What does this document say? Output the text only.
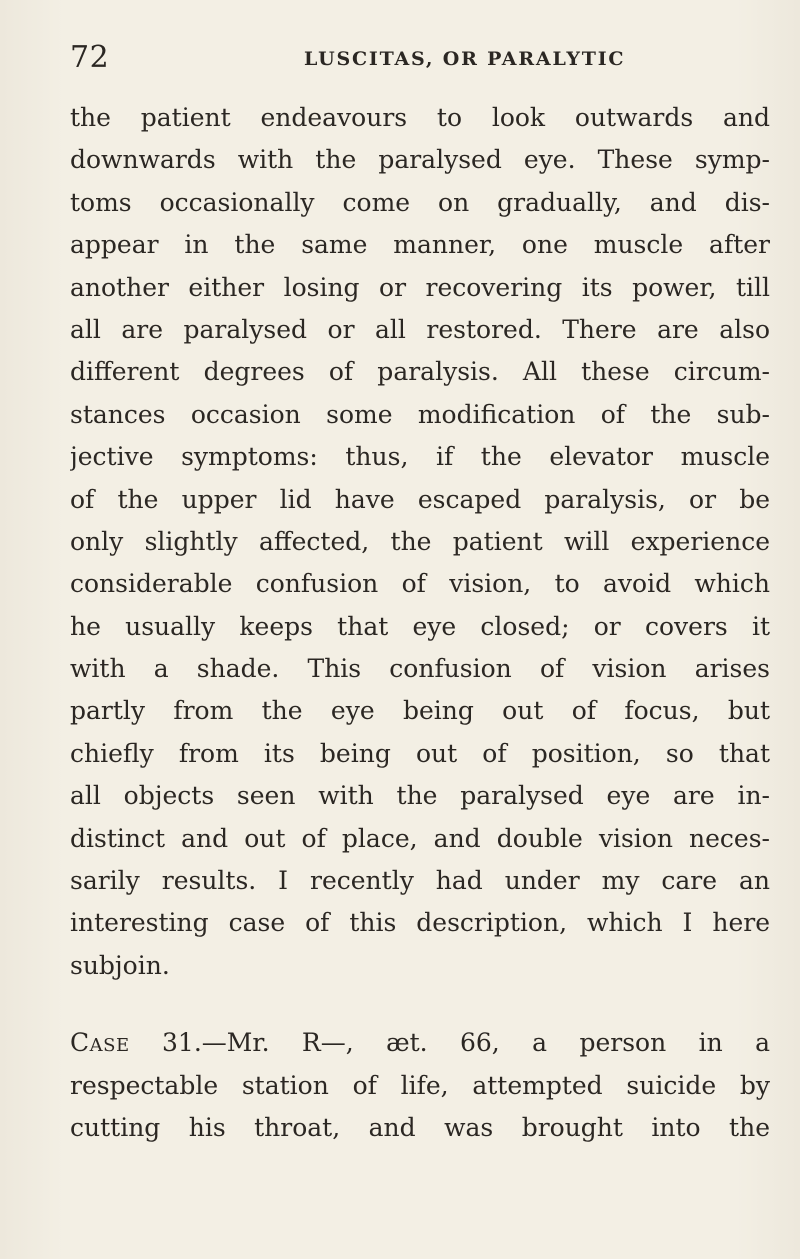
72	LUSCITAS, OR PARALYTIC
the patient endeavours to look outwards and
downwards with the paralysed eye. These symp-
toms occasionally come on gradually, and dis-
appear in the same manner, one muscle after
another either losing or recovering its power, till
all are paralysed or all restored. There are also
different degrees of paralysis. All these circum-
stances occasion some modification of the sub-
jective symptoms: thus, if the elevator muscle
of the upper lid have escaped paralysis, or be
only slightly affected, the patient will experience
considerable confusion of vision, to avoid which
he usually keeps that eye closed; or covers it
with a shade. This confusion of vision arises
partly from the eye being out of focus, but
chiefly from its being out of position, so that
all objects seen with the paralysed eye are in-
distinct and out of place, and double vision neces-
sarily results. I recently had under my care an
interesting case of this description, which I here
subjoin.
Case 31.—Mr. R—, æt. 66, a person in a
respectable station of life, attempted suicide by
cutting his throat, and was brought into the
